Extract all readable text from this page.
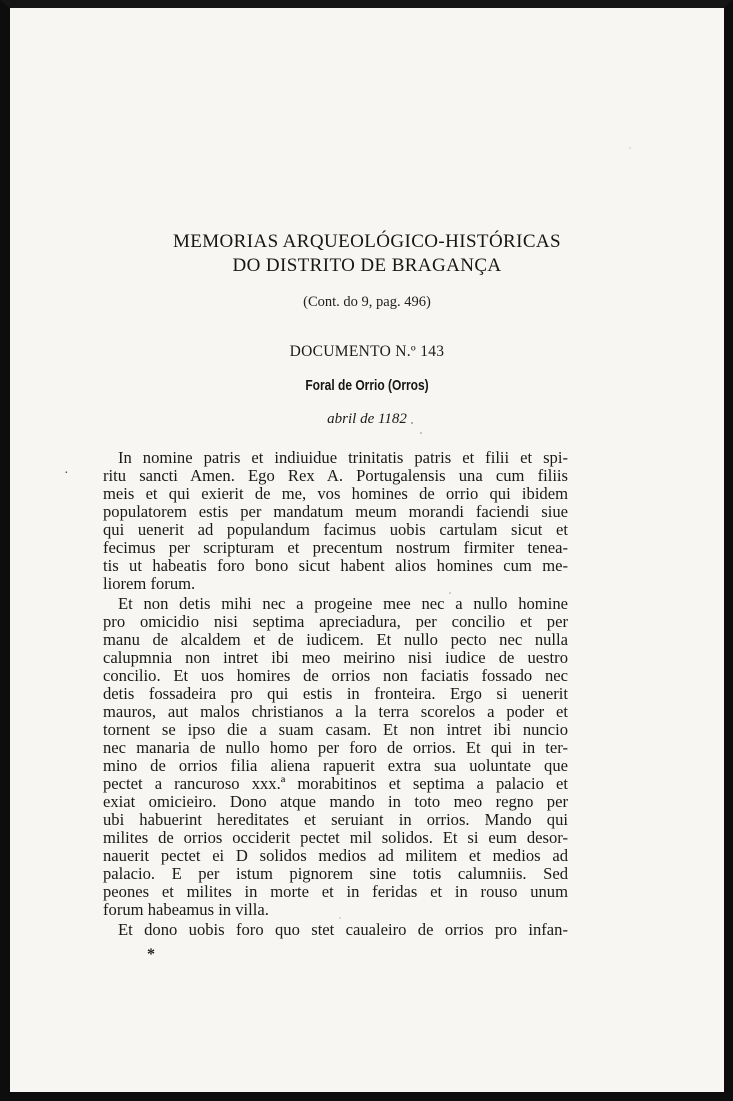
MEMORIAS ARQUEOLÓGICO-HISTÓRICAS
DO DISTRITO DE BRAGANÇA
(Cont. do 9, pag. 496)
DOCUMENTO N.º 143
Foral de Orrio (Orros)
abril de 1182
·

In nomine patris et indiuidue trinitatis patris et filii et spi-

ritu sancti Amen. Ego Rex A. Portugalensis una cum filiis

meis et qui exierit de me, vos homines de orrio qui ibidem

populatorem estis per mandatum meum morandi faciendi siue

qui uenerit ad populandum facimus uobis cartulam sicut et

fecimus per scripturam et precentum nostrum firmiter tenea-

tis ut habeatis foro bono sicut habent alios homines cum me-

liorem forum.

Et non detis mihi nec a progeine mee nec a nullo homine

pro omicidio nisi septima apreciadura, per concilio et per

manu de alcaldem et de iudicem. Et nullo pecto nec nulla

calupmnia non intret ibi meo meirino nisi iudice de uestro

concilio. Et uos homires de orrios non faciatis fossado nec

detis fossadeira pro qui estis in fronteira. Ergo si uenerit

mauros, aut malos christianos a la terra scorelos a poder et

tornent se ipso die a suam casam. Et non intret ibi nuncio

nec manaria de nullo homo per foro de orrios. Et qui in ter-

mino de orrios filia aliena rapuerit extra sua uoluntate que

pectet a rancuroso xxx.ª morabitinos et septima a palacio et

exiat omicieiro. Dono atque mando in toto meo regno per

ubi habuerint hereditates et seruiant in orrios. Mando qui

milites de orrios occiderit pectet mil solidos. Et si eum desor-

nauerit pectet ei D solidos medios ad militem et medios ad

palacio. E per istum pignorem sine totis calumniis. Sed

peones et milites in morte et in feridas et in rouso unum

forum habeamus in villa.

Et dono uobis foro quo stet caualeiro de orrios pro infan-

*
